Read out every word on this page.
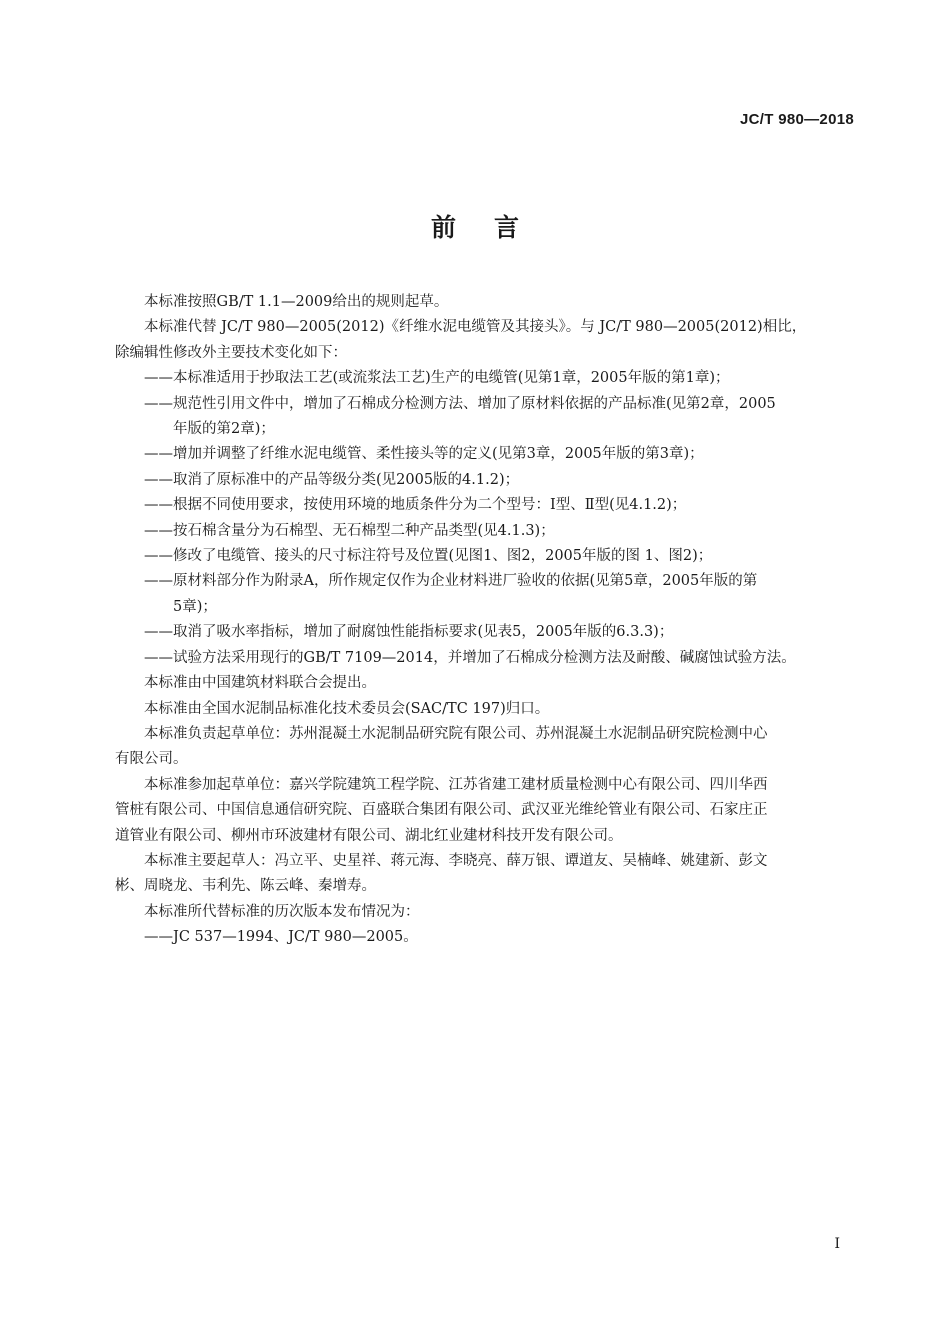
JC/T 980—2018
前言
本标准按照GB/T 1.1—2009给出的规则起草。
本标准代替 JC/T 980—2005(2012)《纤维水泥电缆管及其接头》。与 JC/T 980—2005(2012)相比，
除编辑性修改外主要技术变化如下：
——本标准适用于抄取法工艺(或流浆法工艺)生产的电缆管(见第1章，2005年版的第1章)；
——规范性引用文件中，增加了石棉成分检测方法、增加了原材料依据的产品标准(见第2章，2005
年版的第2章)；
——增加并调整了纤维水泥电缆管、柔性接头等的定义(见第3章，2005年版的第3章)；
——取消了原标准中的产品等级分类(见2005版的4.1.2)；
——根据不同使用要求，按使用环境的地质条件分为二个型号：Ⅰ型、Ⅱ型(见4.1.2)；
——按石棉含量分为石棉型、无石棉型二种产品类型(见4.1.3)；
——修改了电缆管、接头的尺寸标注符号及位置(见图1、图2，2005年版的图 1、图2)；
——原材料部分作为附录A，所作规定仅作为企业材料进厂验收的依据(见第5章，2005年版的第
5章)；
——取消了吸水率指标，增加了耐腐蚀性能指标要求(见表5，2005年版的6.3.3)；
——试验方法采用现行的GB/T 7109—2014，并增加了石棉成分检测方法及耐酸、碱腐蚀试验方法。
本标准由中国建筑材料联合会提出。
本标准由全国水泥制品标准化技术委员会(SAC/TC 197)归口。
本标准负责起草单位：苏州混凝土水泥制品研究院有限公司、苏州混凝土水泥制品研究院检测中心
有限公司。
本标准参加起草单位：嘉兴学院建筑工程学院、江苏省建工建材质量检测中心有限公司、四川华西
管桩有限公司、中国信息通信研究院、百盛联合集团有限公司、武汉亚光维纶管业有限公司、石家庄正
道管业有限公司、柳州市环波建材有限公司、湖北红业建材科技开发有限公司。
本标准主要起草人：冯立平、史星祥、蒋元海、李晓亮、薛万银、谭道友、吴楠峰、姚建新、彭文
彬、周晓龙、韦利先、陈云峰、秦增寿。
本标准所代替标准的历次版本发布情况为：
——JC 537—1994、JC/T 980—2005。
I
